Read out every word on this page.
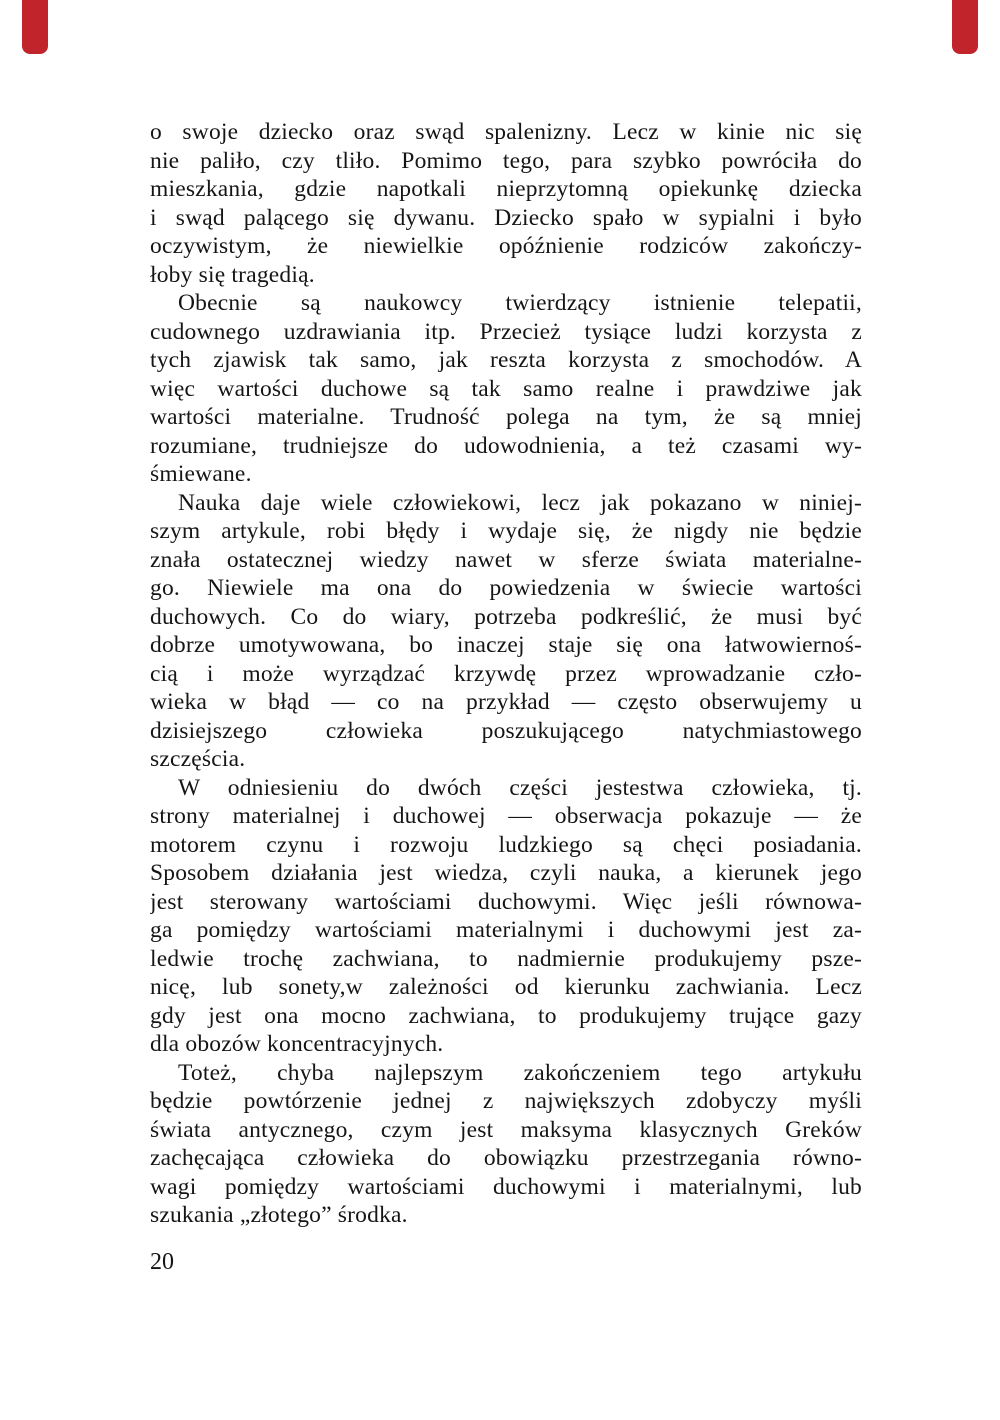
o swoje dziecko oraz swąd spalenizny. Lecz w kinie nic się
nie paliło, czy tliło. Pomimo tego, para szybko powróciła do
mieszkania, gdzie napotkali nieprzytomną opiekunkę dziecka
i swąd palącego się dywanu. Dziecko spało w sypialni i było
oczywistym, że niewielkie opóźnienie rodziców zakończy-
łoby się tragedią.
Obecnie są naukowcy twierdzący istnienie telepatii,
cudownego uzdrawiania itp. Przecież tysiące ludzi korzysta z
tych zjawisk tak samo, jak reszta korzysta z smochodów. A
więc wartości duchowe są tak samo realne i prawdziwe jak
wartości materialne. Trudność polega na tym, że są mniej
rozumiane, trudniejsze do udowodnienia, a też czasami wy-
śmiewane.
Nauka daje wiele człowiekowi, lecz jak pokazano w niniej-
szym artykule, robi błędy i wydaje się, że nigdy nie będzie
znała ostatecznej wiedzy nawet w sferze świata materialne-
go. Niewiele ma ona do powiedzenia w świecie wartości
duchowych. Co do wiary, potrzeba podkreślić, że musi być
dobrze umotywowana, bo inaczej staje się ona łatwowiernoś-
cią i może wyrządzać krzywdę przez wprowadzanie czło-
wieka w błąd — co na przykład — często obserwujemy u
dzisiejszego człowieka poszukującego natychmiastowego
szczęścia.
W odniesieniu do dwóch części jestestwa człowieka, tj.
strony materialnej i duchowej — obserwacja pokazuje — że
motorem czynu i rozwoju ludzkiego są chęci posiadania.
Sposobem działania jest wiedza, czyli nauka, a kierunek jego
jest sterowany wartościami duchowymi. Więc jeśli równowa-
ga pomiędzy wartościami materialnymi i duchowymi jest za-
ledwie trochę zachwiana, to nadmiernie produkujemy psze-
nicę, lub sonety,w zależności od kierunku zachwiania. Lecz
gdy jest ona mocno zachwiana, to produkujemy trujące gazy
dla obozów koncentracyjnych.
Toteż, chyba najlepszym zakończeniem tego artykułu
będzie powtórzenie jednej z największych zdobyczy myśli
świata antycznego, czym jest maksyma klasycznych Greków
zachęcająca człowieka do obowiązku przestrzegania równo-
wagi pomiędzy wartościami duchowymi i materialnymi, lub
szukania „złotego” środka.
20
